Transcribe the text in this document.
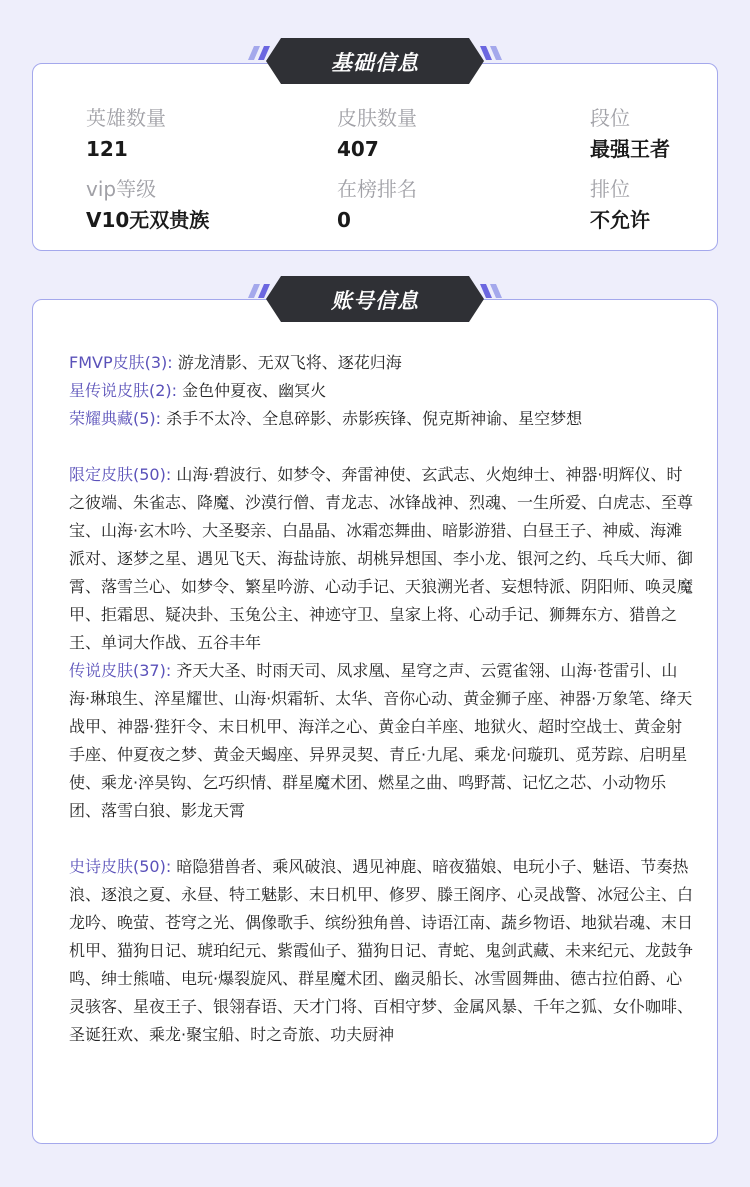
英雄数量
121
皮肤数量
407
段位
最强王者
vip等级
V10无双贵族
在榜排名
0
排位
不允许
基础信息
FMVP皮肤(3): 游龙清影、无双飞将、逐花归海
星传说皮肤(2): 金色仲夏夜、幽冥火
荣耀典藏(5): 杀手不太冷、全息碎影、赤影疾锋、倪克斯神谕、星空梦想
限定皮肤(50): 山海·碧波行、如梦令、奔雷神使、玄武志、火炮绅士、神器·明辉仪、时之彼端、朱雀志、降魔、沙漠行僧、青龙志、冰锋战神、烈魂、一生所爱、白虎志、至尊宝、山海·玄木吟、大圣娶亲、白晶晶、冰霜恋舞曲、暗影游猎、白昼王子、神威、海滩派对、逐梦之星、遇见飞天、海盐诗旅、胡桃异想国、李小龙、银河之约、乓乓大师、御霄、落雪兰心、如梦令、繁星吟游、心动手记、天狼溯光者、妄想特派、阴阳师、唤灵魔甲、拒霜思、疑决卦、玉兔公主、神迹守卫、皇家上将、心动手记、狮舞东方、猎兽之王、单词大作战、五谷丰年
传说皮肤(37): 齐天大圣、时雨天司、凤求凰、星穹之声、云霓雀翎、山海·苍雷引、山海·琳琅生、淬星耀世、山海·炽霜斩、太华、音你心动、黄金狮子座、神器·万象笔、绛天战甲、神器·狴犴令、末日机甲、海洋之心、黄金白羊座、地狱火、超时空战士、黄金射手座、仲夏夜之梦、黄金天蝎座、异界灵契、青丘·九尾、乘龙·问璇玑、觅芳踪、启明星使、乘龙·淬昊钩、乞巧织情、群星魔术团、燃星之曲、鸣野蒿、记忆之芯、小动物乐团、落雪白狼、影龙天霄
史诗皮肤(50): 暗隐猎兽者、乘风破浪、遇见神鹿、暗夜猫娘、电玩小子、魅语、节奏热浪、逐浪之夏、永昼、特工魅影、末日机甲、修罗、滕王阁序、心灵战警、冰冠公主、白龙吟、晚萤、苍穹之光、偶像歌手、缤纷独角兽、诗语江南、蔬乡物语、地狱岩魂、末日机甲、猫狗日记、琥珀纪元、紫霞仙子、猫狗日记、青蛇、鬼剑武藏、未来纪元、龙鼓争鸣、绅士熊喵、电玩·爆裂旋风、群星魔术团、幽灵船长、冰雪圆舞曲、德古拉伯爵、心灵骇客、星夜王子、银翎春语、天才门将、百相守梦、金属风暴、千年之狐、女仆咖啡、圣诞狂欢、乘龙·聚宝船、时之奇旅、功夫厨神
账号信息
